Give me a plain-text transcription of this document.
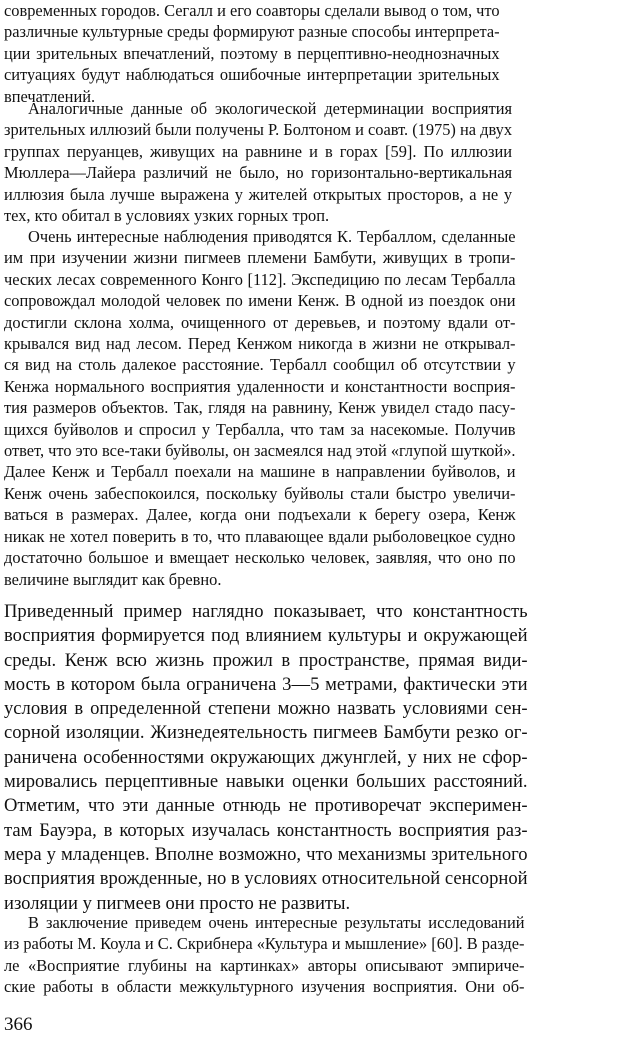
современных городов. Сегалл и его соавторы сделали вывод о том, что
различные культурные среды формируют разные способы интерпрета-
ции зрительных впечатлений, поэтому в перцептивно-неоднозначных
ситуациях будут наблюдаться ошибочные интерпретации зрительных
впечатлений.
Аналогичные данные об экологической детерминации восприятия
зрительных иллюзий были получены Р. Болтоном и соавт. (1975) на двух
группах перуанцев, живущих на равнине и в горах [59]. По иллюзии
Мюллера—Лайера различий не было, но горизонтально-вертикальная
иллюзия была лучше выражена у жителей открытых просторов, а не у
тех, кто обитал в условиях узких горных троп.
Очень интересные наблюдения приводятся К. Тербаллом, сделанные
им при изучении жизни пигмеев племени Бамбути, живущих в тропи-
ческих лесах современного Конго [112]. Экспедицию по лесам Тербалла
сопровождал молодой человек по имени Кенж. В одной из поездок они
достигли склона холма, очищенного от деревьев, и поэтому вдали от-
крывался вид над лесом. Перед Кенжом никогда в жизни не открывал-
ся вид на столь далекое расстояние. Тербалл сообщил об отсутствии у
Кенжа нормального восприятия удаленности и константности восприя-
тия размеров объектов. Так, глядя на равнину, Кенж увидел стадо пасу-
щихся буйволов и спросил у Тербалла, что там за насекомые. Получив
ответ, что это все-таки буйволы, он засмеялся над этой «глупой шуткой».
Далее Кенж и Тербалл поехали на машине в направлении буйволов, и
Кенж очень забеспокоился, поскольку буйволы стали быстро увеличи-
ваться в размерах. Далее, когда они подъехали к берегу озера, Кенж
никак не хотел поверить в то, что плавающее вдали рыболовецкое судно
достаточно большое и вмещает несколько человек, заявляя, что оно по
величине выглядит как бревно.
Приведенный пример наглядно показывает, что константность
восприятия формируется под влиянием культуры и окружающей
среды. Кенж всю жизнь прожил в пространстве, прямая види-
мость в котором была ограничена 3—5 метрами, фактически эти
условия в определенной степени можно назвать условиями сен-
сорной изоляции. Жизнедеятельность пигмеев Бамбути резко ог-
раничена особенностями окружающих джунглей, у них не сфор-
мировались перцептивные навыки оценки больших расстояний.
Отметим, что эти данные отнюдь не противоречат эксперимен-
там Бауэра, в которых изучалась константность восприятия раз-
мера у младенцев. Вполне возможно, что механизмы зрительного
восприятия врожденные, но в условиях относительной сенсорной
изоляции у пигмеев они просто не развиты.
В заключение приведем очень интересные результаты исследований
из работы М. Коула и С. Скрибнера «Культура и мышление» [60]. В разде-
ле «Восприятие глубины на картинках» авторы описывают эмпириче-
ские работы в области межкультурного изучения восприятия. Они об-
366
